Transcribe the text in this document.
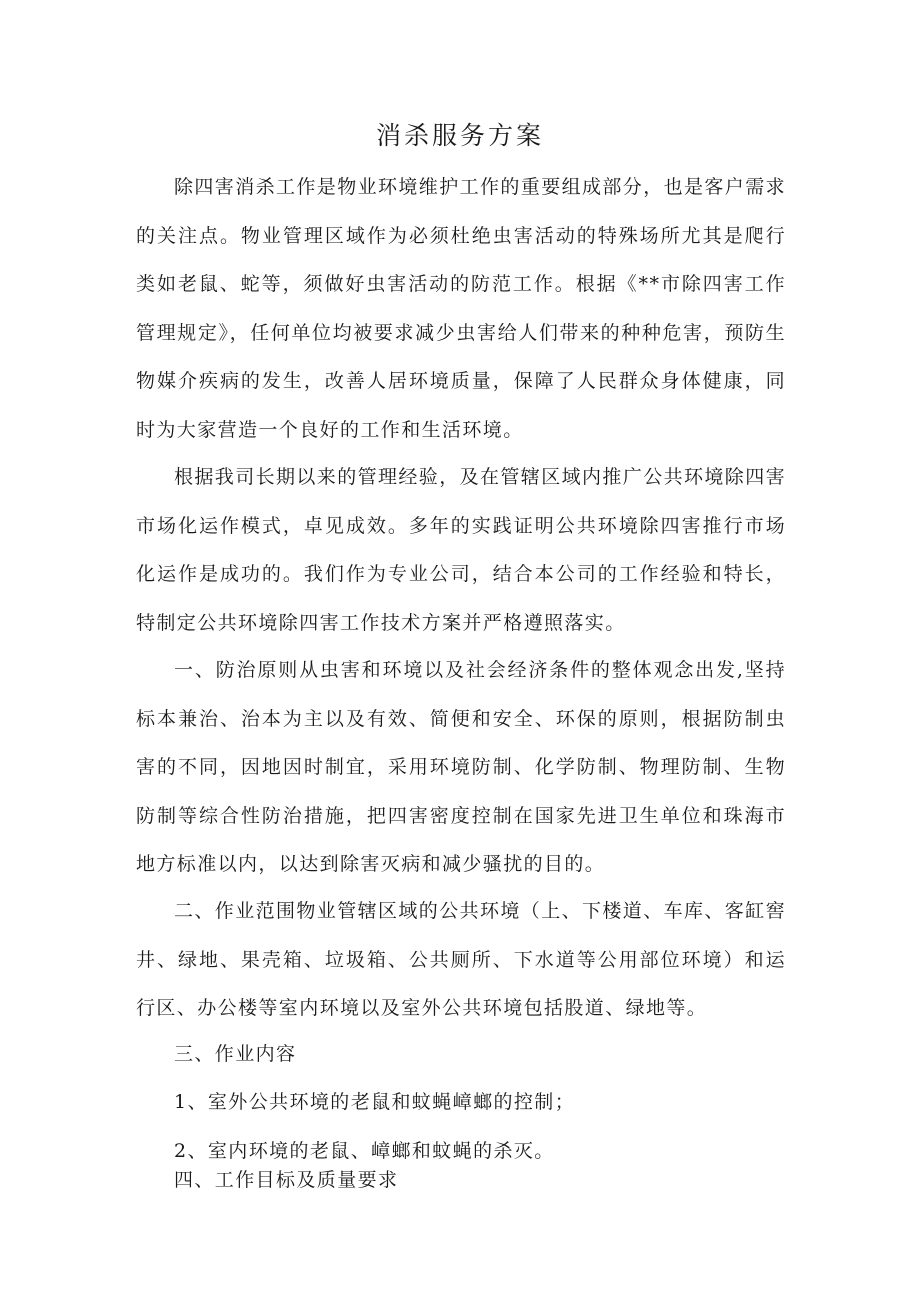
消杀服务方案

除四害消杀工作是物业环境维护工作的重要组成部分，也是客户需求的关注点。物业管理区域作为必须杜绝虫害活动的特殊场所尤其是爬行类如老鼠、蛇等，须做好虫害活动的防范工作。根据《**市除四害工作管理规定》，任何单位均被要求减少虫害给人们带来的种种危害，预防生物媒介疾病的发生，改善人居环境质量，保障了人民群众身体健康，同时为大家营造一个良好的工作和生活环境。

根据我司长期以来的管理经验，及在管辖区域内推广公共环境除四害市场化运作模式，卓见成效。多年的实践证明公共环境除四害推行市场化运作是成功的。我们作为专业公司，结合本公司的工作经验和特长，特制定公共环境除四害工作技术方案并严格遵照落实。

一、防治原则从虫害和环境以及社会经济条件的整体观念出发,坚持标本兼治、治本为主以及有效、简便和安全、环保的原则，根据防制虫害的不同，因地因时制宜，采用环境防制、化学防制、物理防制、生物防制等综合性防治措施，把四害密度控制在国家先进卫生单位和珠海市地方标准以内，以达到除害灭病和减少骚扰的目的。

二、作业范围物业管辖区域的公共环境（上、下楼道、车库、客缸窖井、绿地、果壳箱、垃圾箱、公共厕所、下水道等公用部位环境）和运行区、办公楼等室内环境以及室外公共环境包括股道、绿地等。

三、作业内容
1、室外公共环境的老鼠和蚊蝇嶂螂的控制；
2、室内环境的老鼠、嶂螂和蚊蝇的杀灭。
四、工作目标及质量要求
